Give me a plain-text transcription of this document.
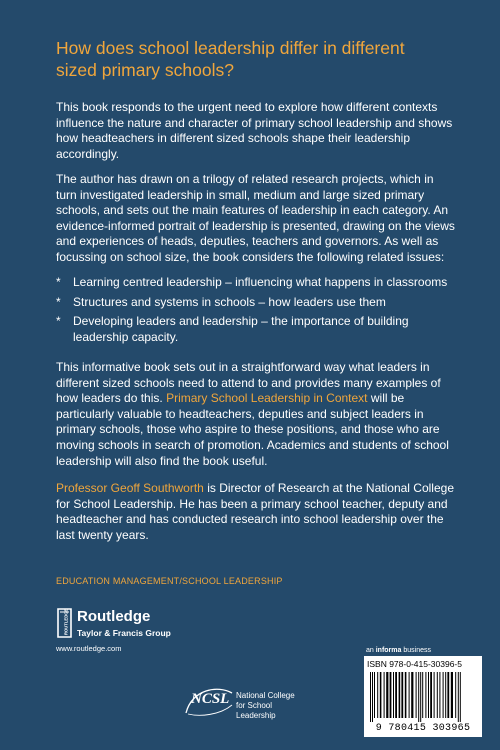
How does school leadership differ in different sized primary schools?
This book responds to the urgent need to explore how different contexts influence the nature and character of primary school leadership and shows how headteachers in different sized schools shape their leadership accordingly.
The author has drawn on a trilogy of related research projects, which in turn investigated leadership in small, medium and large sized primary schools, and sets out the main features of leadership in each category. An evidence-informed portrait of leadership is presented, drawing on the views and experiences of heads, deputies, teachers and governors. As well as focussing on school size, the book considers the following related issues:
* Learning centred leadership – influencing what happens in classrooms
* Structures and systems in schools – how leaders use them
* Developing leaders and leadership – the importance of building leadership capacity.
This informative book sets out in a straightforward way what leaders in different sized schools need to attend to and provides many examples of how leaders do this. Primary School Leadership in Context will be particularly valuable to headteachers, deputies and subject leaders in primary schools, those who aspire to these positions, and those who are moving schools in search of promotion. Academics and students of school leadership will also find the book useful.
Professor Geoff Southworth is Director of Research at the National College for School Leadership. He has been a primary school teacher, deputy and headteacher and has conducted research into school leadership over the last twenty years.
EDUCATION MANAGEMENT/SCHOOL LEADERSHIP
ROUTLEDGE Routledge
Taylor & Francis Group
www.routledge.com	an informa business
ISBN 978-0-415-30396-5
9 780415 303965
NCSL National College for School Leadership
